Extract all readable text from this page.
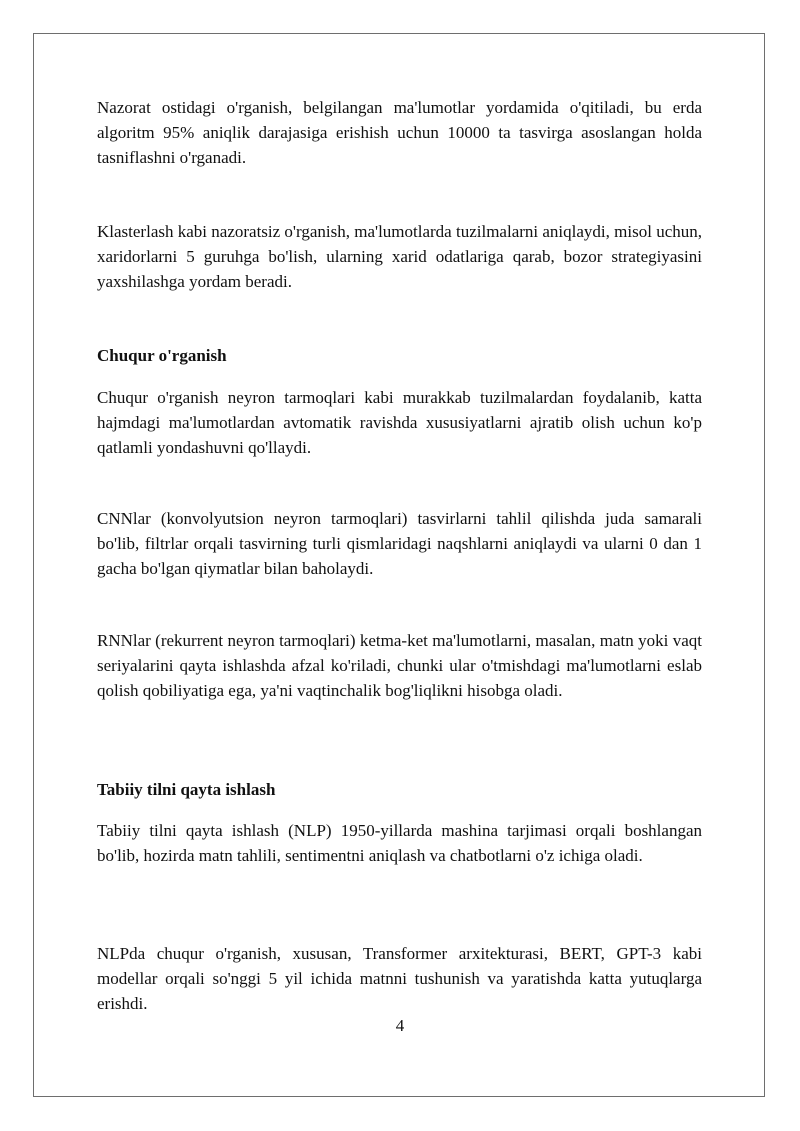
Nazorat ostidagi o'rganish, belgilangan ma'lumotlar yordamida o'qitiladi, bu erda algoritm 95% aniqlik darajasiga erishish uchun 10000 ta tasvirga asoslangan holda tasniflashni o'rganadi.

Klasterlash kabi nazoratsiz o'rganish, ma'lumotlarda tuzilmalarni aniqlaydi, misol uchun, xaridorlarni 5 guruhga bo'lish, ularning xarid odatlariga qarab, bozor strategiyasini yaxshilashga yordam beradi.

Chuqur o'rganish

Chuqur o'rganish neyron tarmoqlari kabi murakkab tuzilmalardan foydalanib, katta hajmdagi ma'lumotlardan avtomatik ravishda xususiyatlarni ajratib olish uchun ko'p qatlamli yondashuvni qo'llaydi.

CNNlar (konvolyutsion neyron tarmoqlari) tasvirlarni tahlil qilishda juda samarali bo'lib, filtrlar orqali tasvirning turli qismlaridagi naqshlarni aniqlaydi va ularni 0 dan 1 gacha bo'lgan qiymatlar bilan baholaydi.

RNNlar (rekurrent neyron tarmoqlari) ketma-ket ma'lumotlarni, masalan, matn yoki vaqt seriyalarini qayta ishlashda afzal ko'riladi, chunki ular o'tmishdagi ma'lumotlarni eslab qolish qobiliyatiga ega, ya'ni vaqtinchalik bog'liqlikni hisobga oladi.

Tabiiy tilni qayta ishlash

Tabiiy tilni qayta ishlash (NLP) 1950-yillarda mashina tarjimasi orqali boshlangan bo'lib, hozirda matn tahlili, sentimentni aniqlash va chatbotlarni o'z ichiga oladi.

NLPda chuqur o'rganish, xususan, Transformer arxitekturasi, BERT, GPT-3 kabi modellar orqali so'nggi 5 yil ichida matnni tushunish va yaratishda katta yutuqlarga erishdi.

4
